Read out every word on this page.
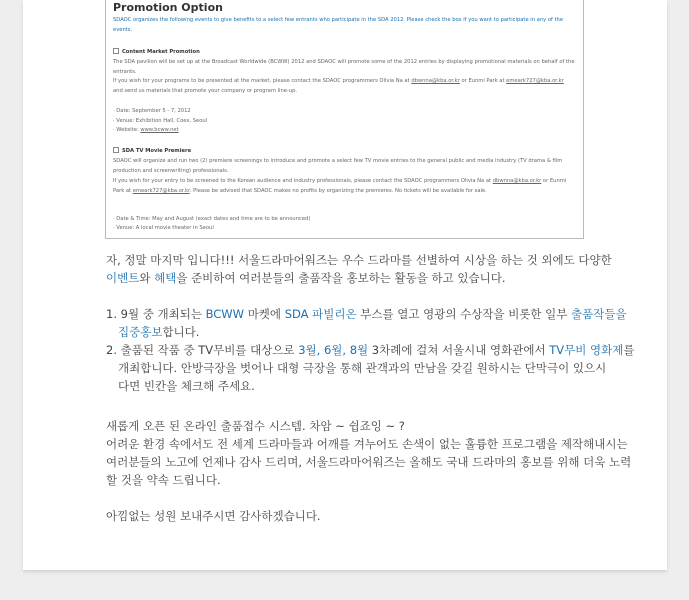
Promotion Option
SDAOC organizes the following events to give benefits to a select few entrants who participate in the SDA 2012. Please check the box if you want to participate in any of the events.
Content Market Promotion
The SDA pavilion will be set up at the Broadcast Worldwide (BCWW) 2012 and SDAOC will promote some of the 2012 entries by displaying promotional materials on behalf of the entrants.
If you wish for your programs to be presented at the market, please contact the SDAOC programmers Olivia Na at dbwnna@kba.or.kr or Eunmi Park at emeark727@kba.or.kr and send us materials that promote your company or program line-up.
· Date: September 5 - 7, 2012
· Venue: Exhibition Hall, Coex, Seoul
· Website: www.bcww.net
SDA TV Movie Premiere
SDAOC will organize and run two (2) premiere screenings to introduce and promote a select few TV movie entries to the general public and media industry (TV drama & film production and screenwriting) professionals.
If you wish for your entry to be screened to the Korean audience and industry professionals, please contact the SDAOC programmers Olivia Na at dbwnna@kba.or.kr or Eunmi Park at emeark727@kba.or.kr. Please be advised that SDAOC makes no profits by organizing the premieres. No tickets will be available for sale.
· Date & Time: May and August (exact dates and time are to be announced)
· Venue: A local movie theater in Seoul
자, 정말 마지막 입니다!!! 서울드라마어워즈는 우수 드라마를 선별하여 시상을 하는 것 외에도 다양한
이벤트와 혜택을 준비하여 여러분들의 출품작을 홍보하는 활동을 하고 있습니다.
1. 9월 중 개최되는 BCWW 마켓에 SDA 파빌리온 부스를 열고 영광의 수상작을 비롯한 일부 출품작들을
집중홍보합니다.
2. 출품된 작품 중 TV무비를 대상으로 3월, 6월, 8월 3차례에 걸쳐 서울시내 영화관에서 TV무비 영화제를
개최합니다. 안방극장을 벗어나 대형 극장을 통해 관객과의 만남을 갖길 원하시는 단막극이 있으시
다면 빈칸을 체크해 주세요.
새롭게 오픈 된 온라인 출품접수 시스템. 차암 ~ 쉽죠잉 ~ ?
어려운 환경 속에서도 전 세계 드라마들과 어깨를 겨누어도 손색이 없는 훌륭한 프로그램을 제작해내시는
여러분들의 노고에 언제나 감사 드리며, 서울드라마어워즈는 올해도 국내 드라마의 홍보를 위해 더욱 노력
할 것을 약속 드립니다.
아낌없는 성원 보내주시면 감사하겠습니다.
